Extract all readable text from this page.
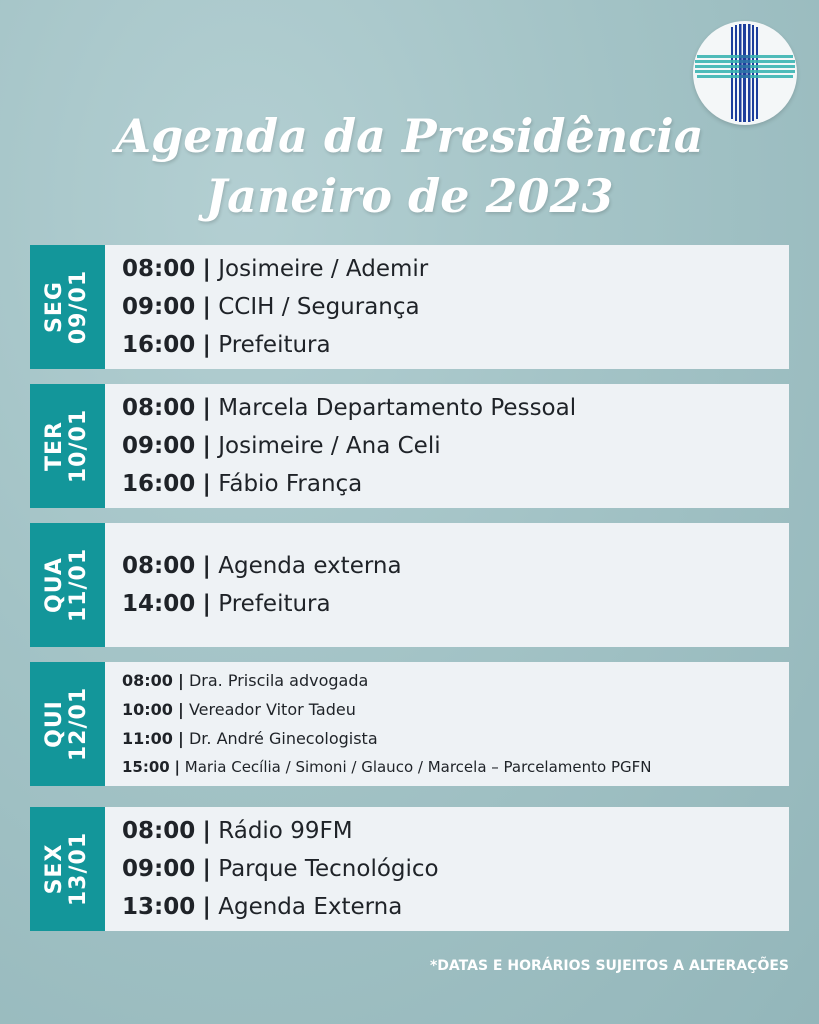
Agenda da Presidência
Janeiro de 2023
SEG
09/01
08:00 | Josimeire / Ademir
09:00 | CCIH / Segurança
16:00 | Prefeitura
TER
10/01
08:00 | Marcela Departamento Pessoal
09:00 | Josimeire / Ana Celi
16:00 | Fábio França
QUA
11/01 08:00 | Agenda externa
14:00 | Prefeitura
QUI
12/01
08:00 | Dra. Priscila advogada
10:00 | Vereador Vitor Tadeu
11:00 | Dr. André Ginecologista
15:00 | Maria Cecília / Simoni / Glauco / Marcela – Parcelamento PGFN
SEX
13/01
08:00 | Rádio 99FM
09:00 | Parque Tecnológico
13:00 | Agenda Externa
*DATAS E HORÁRIOS SUJEITOS A ALTERAÇÕES
